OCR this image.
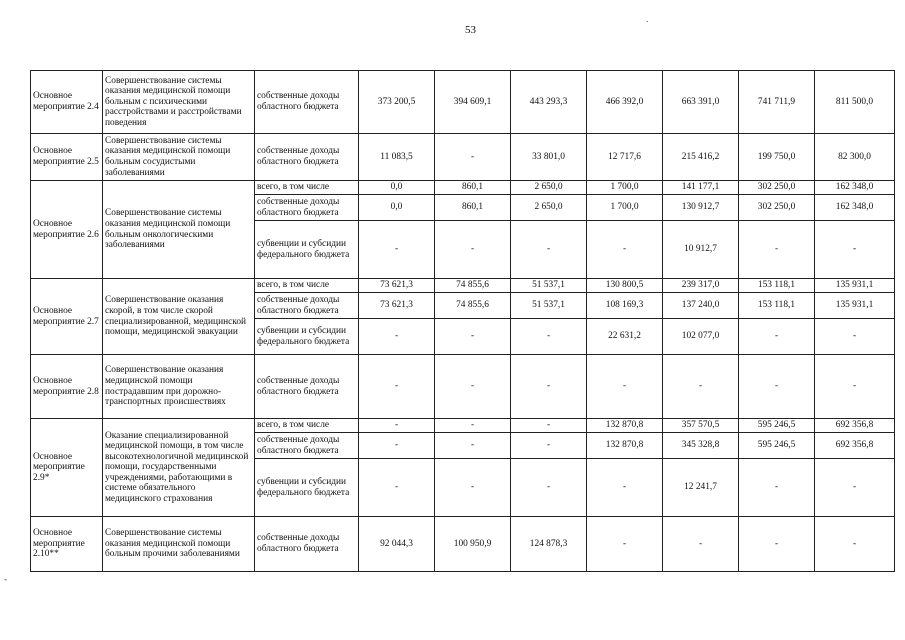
53
.
-
Основное мероприятие 2.4	Совершенствование системы оказания медицинской помощи больным с психическими расстройствами и расстройствами поведения	собственные доходы областного бюджета	373 200,5	394 609,1	443 293,3	466 392,0	663 391,0	741 711,9	811 500,0
Основное мероприятие 2.5	Совершенствование системы оказания медицинской помощи больным сосудистыми заболеваниями	собственные доходы областного бюджета	11 083,5	-	33 801,0	12 717,6	215 416,2	199 750,0	82 300,0
Основное мероприятие 2.6	Совершенствование системы оказания медицинской помощи больным онкологическими заболеваниями	всего, в том числе	0,0	860,1	2 650,0	1 700,0	141 177,1	302 250,0	162 348,0
		собственные доходы областного бюджета	0,0	860,1	2 650,0	1 700,0	130 912,7	302 250,0	162 348,0
		субвенции и субсидии федерального бюджета	-	-	-	-	10 912,7	-	-
Основное мероприятие 2.7	Совершенствование оказания скорой, в том числе скорой специализированной, медицинской помощи, медицинской эвакуации	всего, в том числе	73 621,3	74 855,6	51 537,1	130 800,5	239 317,0	153 118,1	135 931,1
		собственные доходы областного бюджета	73 621,3	74 855,6	51 537,1	108 169,3	137 240,0	153 118,1	135 931,1
		субвенции и субсидии федерального бюджета	-	-	-	22 631,2	102 077,0	-	-
Основное мероприятие 2.8	Совершенствование оказания медицинской помощи пострадавшим при дорожно-транспортных происшествиях	собственные доходы областного бюджета	-	-	-	-	-	-	-
Основное мероприятие 2.9*	Оказание специализированной медицинской помощи, в том числе высокотехнологичной медицинской помощи, государственными учреждениями, работающими в системе обязательного медицинского страхования	всего, в том числе	-	-	-	132 870,8	357 570,5	595 246,5	692 356,8
		собственные доходы областного бюджета	-	-	-	132 870,8	345 328,8	595 246,5	692 356,8
		субвенции и субсидии федерального бюджета	-	-	-	-	12 241,7	-	-
Основное мероприятие 2.10**	Совершенствование системы оказания медицинской помощи больным прочими заболеваниями	собственные доходы областного бюджета	92 044,3	100 950,9	124 878,3	-	-	-	-
